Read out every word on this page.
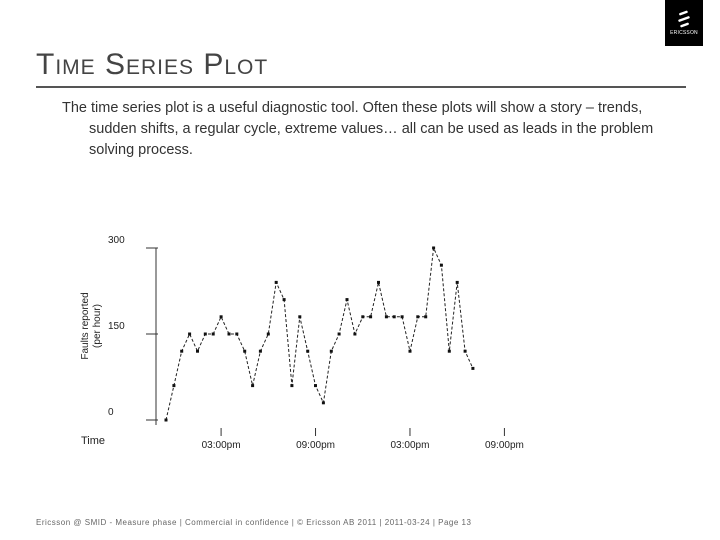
Time Series Plot
ERICSSON
The time series plot is a useful diagnostic tool. Often these plots will show a story – trends, sudden shifts, a regular cycle, extreme values… all can be used as leads in the problem solving process.
0
150
300
03:00pm	09:00pm	03:00pm	09:00pm
Faults reported (per hour)
Time
Ericsson @ SMID - Measure phase | Commercial in confidence | © Ericsson AB 2011 | 2011-03-24 | Page 13
